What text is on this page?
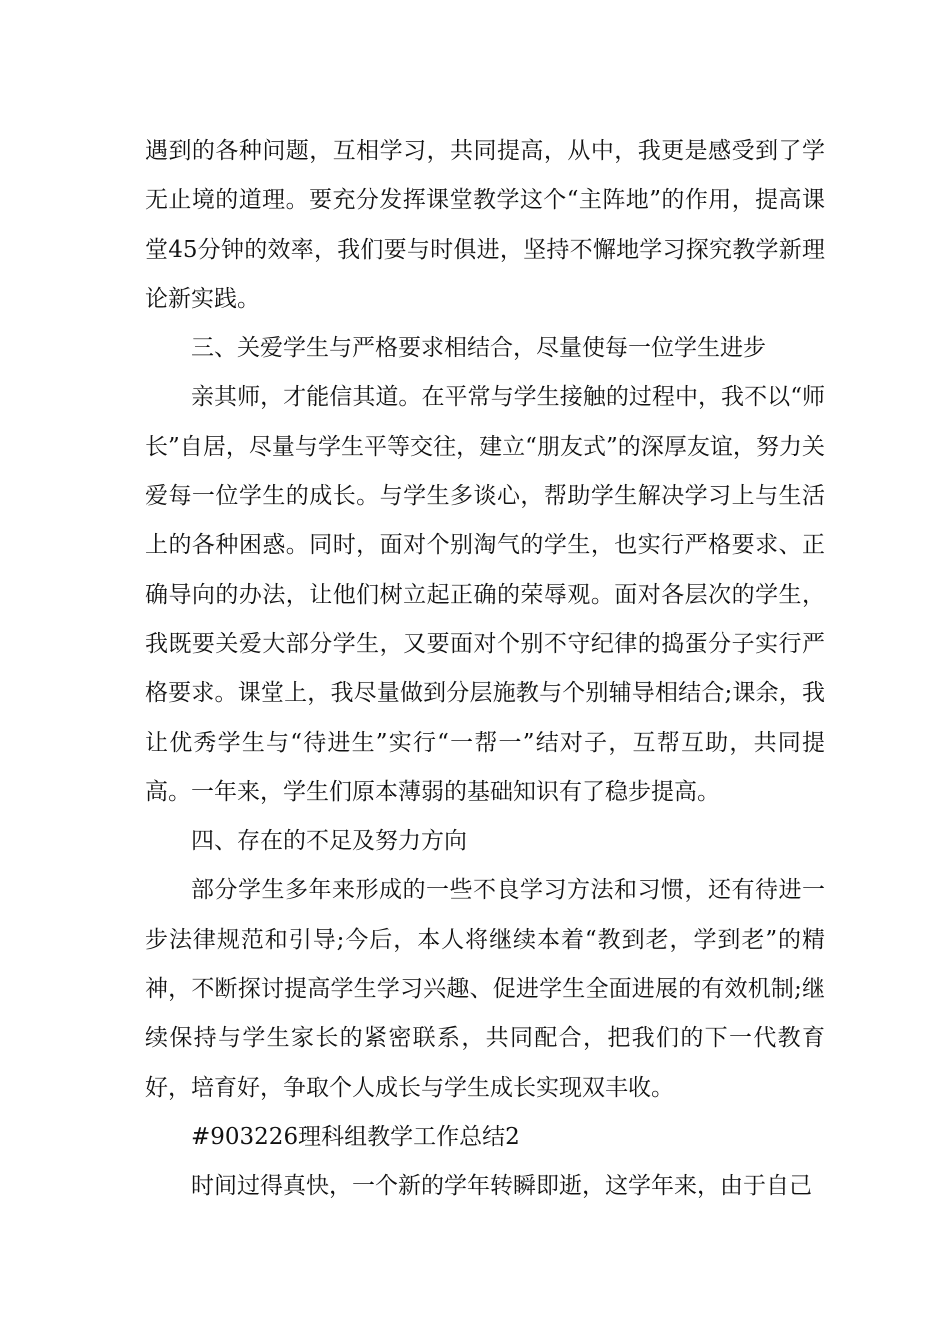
遇到的各种问题，互相学习，共同提高，从中，我更是感受到了学无止境的道理。要充分发挥课堂教学这个“主阵地”的作用，提高课堂45分钟的效率，我们要与时俱进，坚持不懈地学习探究教学新理论新实践。

三、关爱学生与严格要求相结合，尽量使每一位学生进步

亲其师，才能信其道。在平常与学生接触的过程中，我不以“师长”自居，尽量与学生平等交往，建立“朋友式”的深厚友谊，努力关爱每一位学生的成长。与学生多谈心，帮助学生解决学习上与生活上的各种困惑。同时，面对个别淘气的学生，也实行严格要求、正确导向的办法，让他们树立起正确的荣辱观。面对各层次的学生，我既要关爱大部分学生，又要面对个别不守纪律的捣蛋分子实行严格要求。课堂上，我尽量做到分层施教与个别辅导相结合;课余，我让优秀学生与“待进生”实行“一帮一”结对子，互帮互助，共同提高。一年来，学生们原本薄弱的基础知识有了稳步提高。

四、存在的不足及努力方向

部分学生多年来形成的一些不良学习方法和习惯，还有待进一步法律规范和引导;今后，本人将继续本着“教到老，学到老”的精神，不断探讨提高学生学习兴趣、促进学生全面进展的有效机制;继续保持与学生家长的紧密联系，共同配合，把我们的下一代教育好，培育好，争取个人成长与学生成长实现双丰收。

#903226理科组教学工作总结2

时间过得真快，一个新的学年转瞬即逝，这学年来，由于自己
